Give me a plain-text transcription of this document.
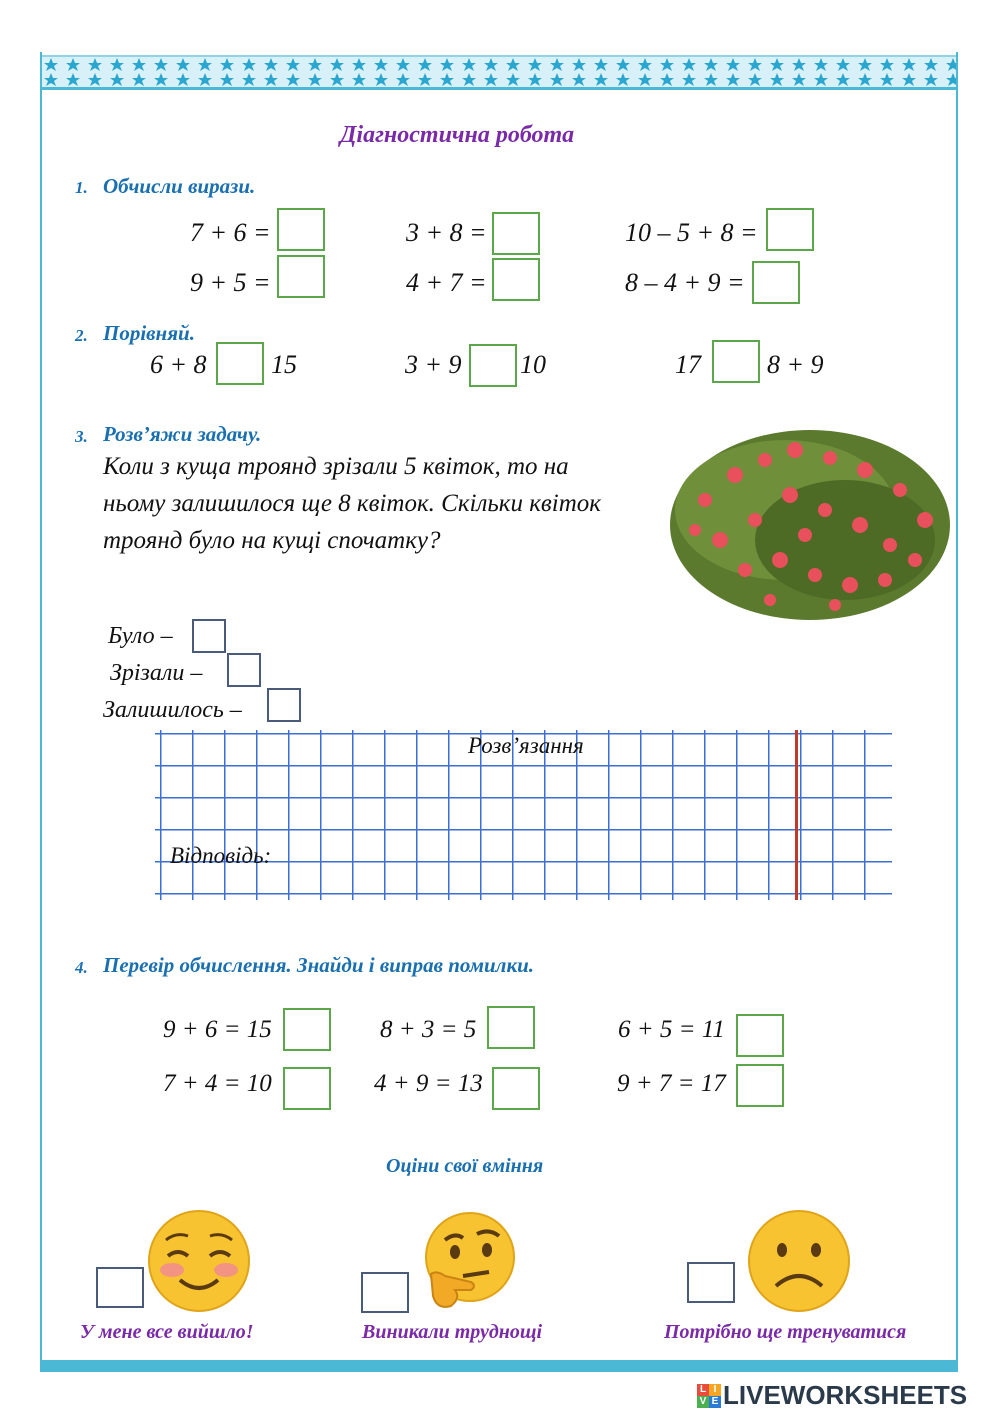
Діагностична робота
1. Обчисли вирази.
7 + 6 =	3 + 8 =	10 – 5 + 8 =
9 + 5 =	4 + 7 =	8 – 4 + 9 =
2. Порівняй.
6 + 8 15	3 + 9 10	17	8 + 9
3. Розв’яжи задачу.
Коли з куща троянд зрізали 5 квіток, то на
ньому залишилося ще 8 квіток. Скільки квіток
троянд було на кущі спочатку?
Було –
Зрізали –
Залишилось –
Розв’язання
Відповідь:
4. Перевір обчислення. Знайди і виправ помилки.
9 + 6 = 15	8 + 3 = 5	6 + 5 = 11
7 + 4 = 10	4 + 9 = 13	9 + 7 = 17
Оціни свої вміння
У мене все вийшло!	Виникали труднощі	Потрібно ще тренуватися
L I
V E LIVEWORKSHEETS
